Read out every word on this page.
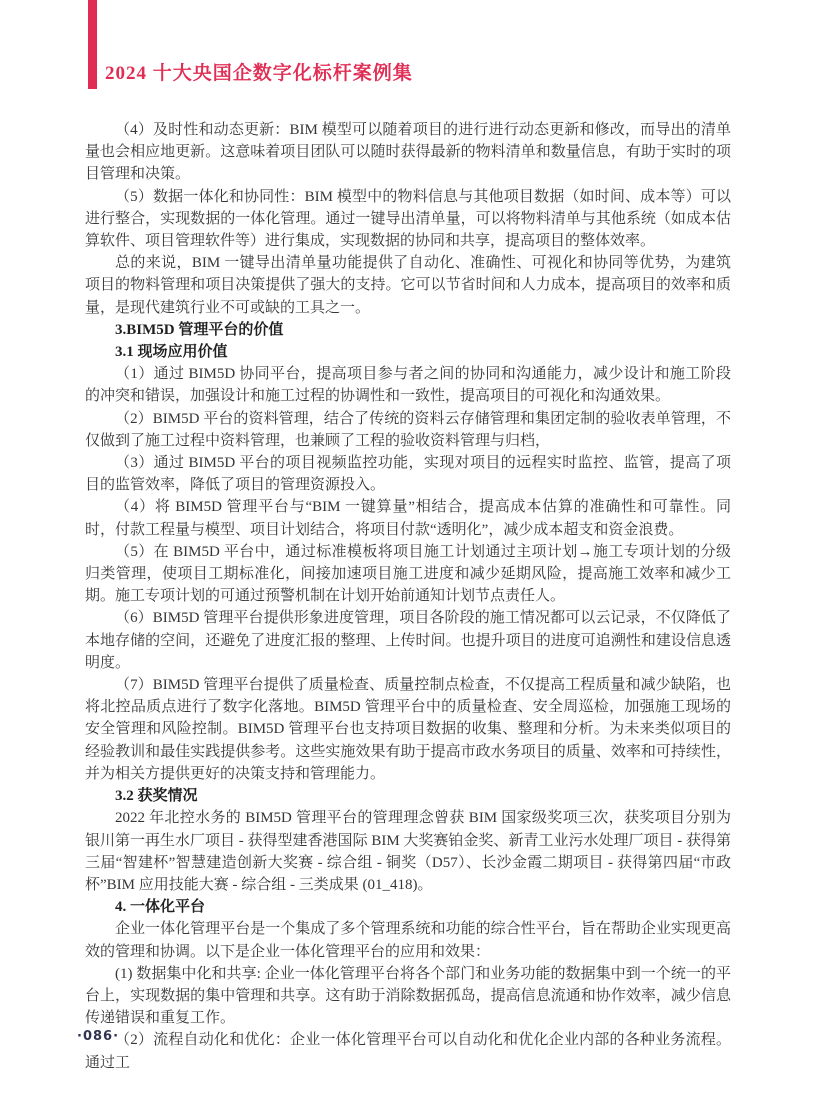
2024 十大央国企数字化标杆案例集

（4）及时性和动态更新：BIM 模型可以随着项目的进行进行动态更新和修改，而导出的清单量也会相应地更新。这意味着项目团队可以随时获得最新的物料清单和数量信息，有助于实时的项目管理和决策。

（5）数据一体化和协同性：BIM 模型中的物料信息与其他项目数据（如时间、成本等）可以进行整合，实现数据的一体化管理。通过一键导出清单量，可以将物料清单与其他系统（如成本估算软件、项目管理软件等）进行集成，实现数据的协同和共享，提高项目的整体效率。

总的来说，BIM 一键导出清单量功能提供了自动化、准确性、可视化和协同等优势，为建筑项目的物料管理和项目决策提供了强大的支持。它可以节省时间和人力成本，提高项目的效率和质量，是现代建筑行业不可或缺的工具之一。

3.BIM5D 管理平台的价值

3.1 现场应用价值

（1）通过 BIM5D 协同平台，提高项目参与者之间的协同和沟通能力，减少设计和施工阶段的冲突和错误，加强设计和施工过程的协调性和一致性，提高项目的可视化和沟通效果。

（2）BIM5D 平台的资料管理，结合了传统的资料云存储管理和集团定制的验收表单管理，不仅做到了施工过程中资料管理，也兼顾了工程的验收资料管理与归档，

（3）通过 BIM5D 平台的项目视频监控功能，实现对项目的远程实时监控、监管，提高了项目的监管效率，降低了项目的管理资源投入。

（4）将 BIM5D 管理平台与“BIM 一键算量”相结合，提高成本估算的准确性和可靠性。同时，付款工程量与模型、项目计划结合，将项目付款“透明化”，减少成本超支和资金浪费。

（5）在 BIM5D 平台中，通过标准模板将项目施工计划通过主项计划→施工专项计划的分级归类管理，使项目工期标准化，间接加速项目施工进度和减少延期风险，提高施工效率和减少工期。施工专项计划的可通过预警机制在计划开始前通知计划节点责任人。

（6）BIM5D 管理平台提供形象进度管理，项目各阶段的施工情况都可以云记录，不仅降低了本地存储的空间，还避免了进度汇报的整理、上传时间。也提升项目的进度可追溯性和建设信息透明度。

（7）BIM5D 管理平台提供了质量检查、质量控制点检查，不仅提高工程质量和减少缺陷，也将北控品质点进行了数字化落地。BIM5D 管理平台中的质量检查、安全周巡检，加强施工现场的安全管理和风险控制。BIM5D 管理平台也支持项目数据的收集、整理和分析。为未来类似项目的经验教训和最佳实践提供参考。这些实施效果有助于提高市政水务项目的质量、效率和可持续性，并为相关方提供更好的决策支持和管理能力。

3.2 获奖情况

2022 年北控水务的 BIM5D 管理平台的管理理念曾获 BIM 国家级奖项三次，获奖项目分别为银川第一再生水厂项目 - 获得型建香港国际 BIM 大奖赛铂金奖、新青工业污水处理厂项目 - 获得第三届“智建杯”智慧建造创新大奖赛 - 综合组 - 铜奖（D57）、长沙金霞二期项目 - 获得第四届“市政杯”BIM 应用技能大赛 - 综合组 - 三类成果 (01_418)。

4. 一体化平台

企业一体化管理平台是一个集成了多个管理系统和功能的综合性平台，旨在帮助企业实现更高效的管理和协调。以下是企业一体化管理平台的应用和效果：

(1) 数据集中化和共享: 企业一体化管理平台将各个部门和业务功能的数据集中到一个统一的平台上，实现数据的集中管理和共享。这有助于消除数据孤岛，提高信息流通和协作效率，减少信息传递错误和重复工作。

（2）流程自动化和优化：企业一体化管理平台可以自动化和优化企业内部的各种业务流程。通过工

·086·
